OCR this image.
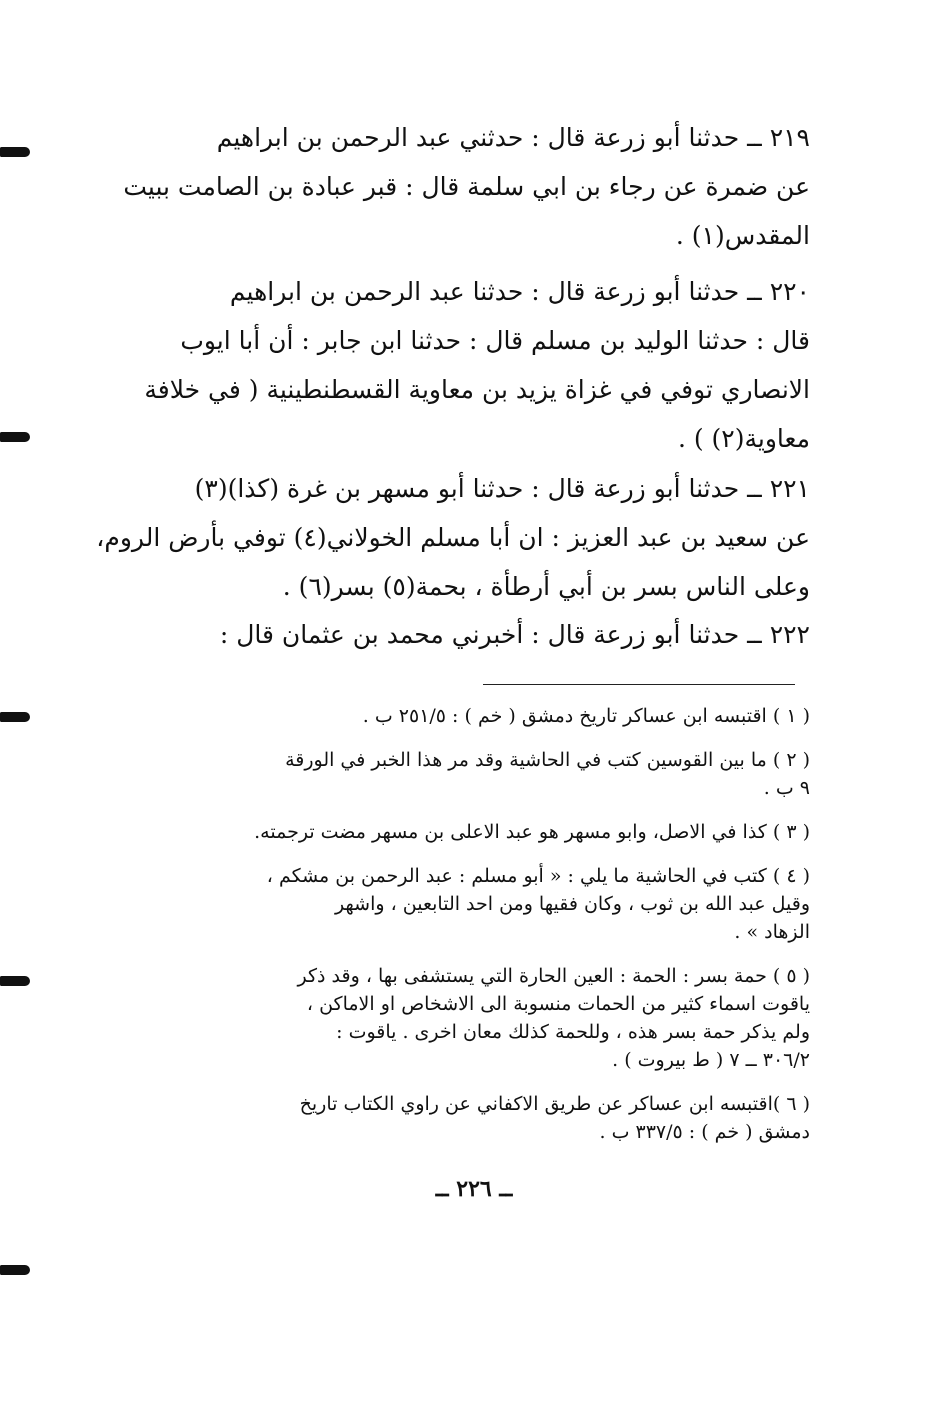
٢١٩ ــ حدثنا أبو زرعة قال : حدثني عبد الرحمن بن ابراهيم
عن ضمرة عن رجاء بن ابي سلمة قال : قبر عبادة بن الصامت ببيت
المقدس(١) .
٢٢٠ ــ حدثنا أبو زرعة قال : حدثنا عبد الرحمن بن ابراهيم
قال : حدثنا الوليد بن مسلم قال : حدثنا ابن جابر : أن أبا ايوب
الانصاري توفي في غزاة يزيد بن معاوية القسطنطينية ( في خلافة
معاوية(٢) ) .
٢٢١ ــ حدثنا أبو زرعة قال : حدثنا أبو مسهر بن غرة (كذا)(٣)
عن سعيد بن عبد العزيز : ان أبا مسلم الخولاني(٤) توفي بأرض الروم،
وعلى الناس بسر بن أبي أرطأة ، بحمة(٥) بسر(٦) .
٢٢٢ ــ حدثنا أبو زرعة قال : أخبرني محمد بن عثمان قال :
( ١ ) اقتبسه ابن عساكر تاريخ دمشق ( خم ) : ٢٥١/٥ ب .
( ٢ ) ما بين القوسين كتب في الحاشية وقد مر هذا الخبر في الورقة
٩ ب .
( ٣ ) كذا في الاصل، وابو مسهر هو عبد الاعلى بن مسهر مضت ترجمته.
( ٤ ) كتب في الحاشية ما يلي : « أبو مسلم : عبد الرحمن بن مشكم ،
وقيل عبد الله بن ثوب ، وكان فقيها ومن احد التابعين ، واشهر
الزهاد » .
( ٥ ) حمة بسر : الحمة : العين الحارة التي يستشفى بها ، وقد ذكر
ياقوت اسماء كثير من الحمات منسوبة الى الاشخاص او الاماكن ،
ولم يذكر حمة بسر هذه ، وللحمة كذلك معان اخرى . ياقوت :
٣٠٦/٢ ــ ٧ ( ط بيروت ) .
( ٦ )اقتبسه ابن عساكر عن طريق الاكفاني عن راوي الكتاب تاريخ
دمشق ( خم ) : ٣٣٧/٥ ب .
ــ ٢٢٦ ــ
